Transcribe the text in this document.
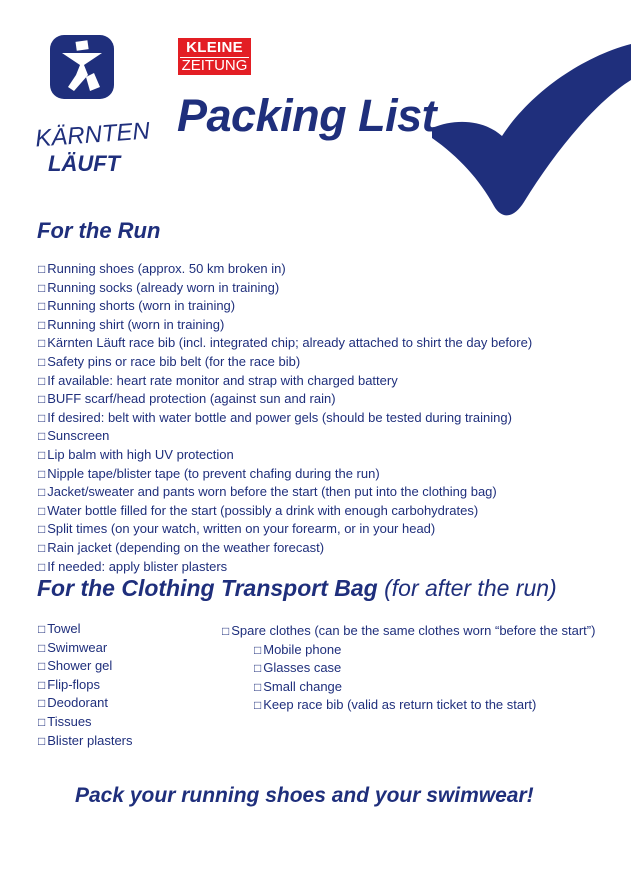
KÄRNTEN
LÄUFT
KLEINE
ZEITUNG
Packing List
For the Run
□ Running shoes (approx. 50 km broken in)
□ Running socks (already worn in training)
□ Running shorts (worn in training)
□ Running shirt (worn in training)
□ Kärnten Läuft race bib (incl. integrated chip; already attached to shirt the day before)
□ Safety pins or race bib belt (for the race bib)
□ If available: heart rate monitor and strap with charged battery
□ BUFF scarf/head protection (against sun and rain)
□ If desired: belt with water bottle and power gels (should be tested during training)
□ Sunscreen
□ Lip balm with high UV protection
□ Nipple tape/blister tape (to prevent chafing during the run)
□ Jacket/sweater and pants worn before the start (then put into the clothing bag)
□ Water bottle filled for the start (possibly a drink with enough carbohydrates)
□ Split times (on your watch, written on your forearm, or in your head)
□ Rain jacket (depending on the weather forecast)
□ If needed: apply blister plasters
For the Clothing Transport Bag (for after the run)
□ Towel
□ Swimwear
□ Shower gel
□ Flip-flops
□ Deodorant
□ Tissues
□ Blister plasters
□ Spare clothes (can be the same clothes worn “before the start”)
□ Mobile phone
□ Glasses case
□ Small change
□ Keep race bib (valid as return ticket to the start)
Pack your running shoes and your swimwear!
